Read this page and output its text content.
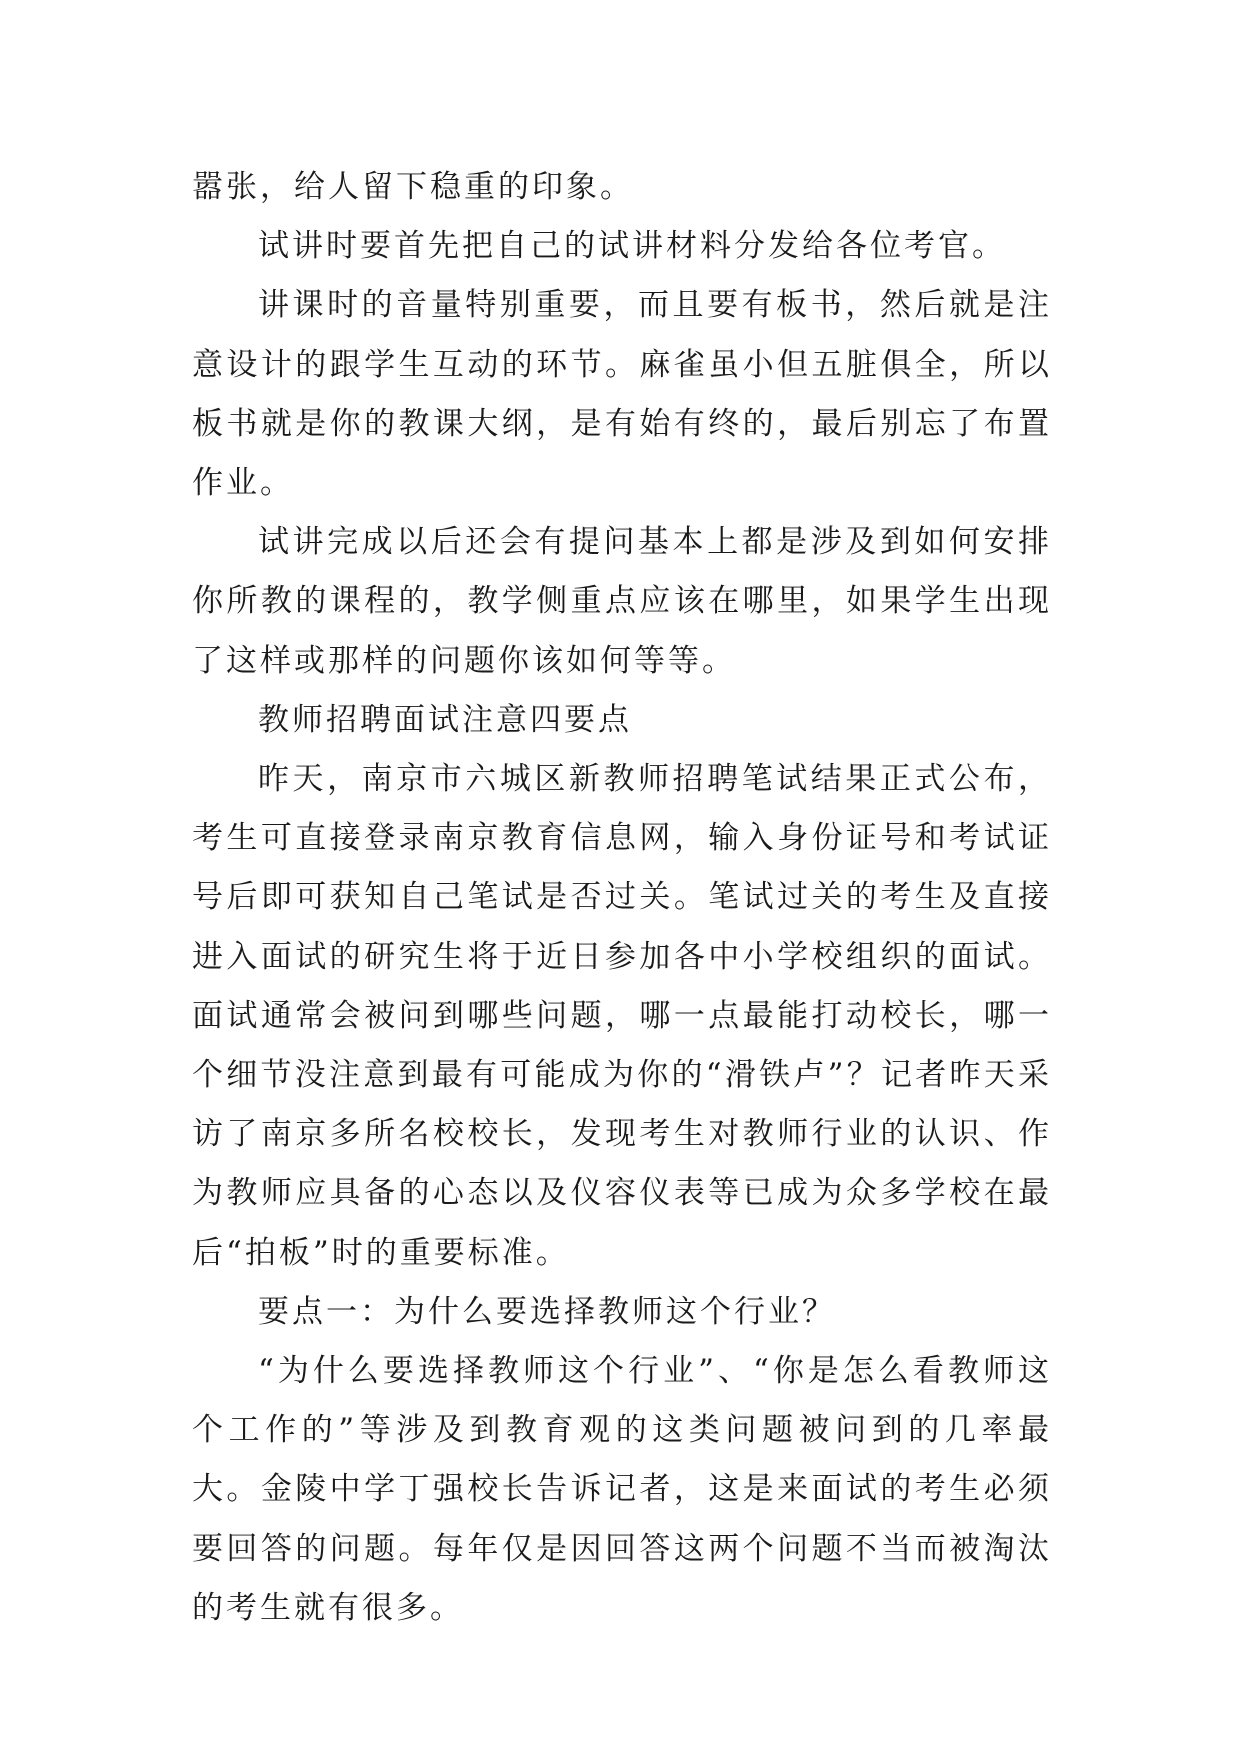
嚣张，给人留下稳重的印象。

试讲时要首先把自己的试讲材料分发给各位考官。

讲课时的音量特别重要，而且要有板书，然后就是注意设计的跟学生互动的环节。麻雀虽小但五脏俱全，所以板书就是你的教课大纲，是有始有终的，最后别忘了布置作业。

试讲完成以后还会有提问基本上都是涉及到如何安排你所教的课程的，教学侧重点应该在哪里，如果学生出现了这样或那样的问题你该如何等等。

教师招聘面试注意四要点

昨天，南京市六城区新教师招聘笔试结果正式公布，考生可直接登录南京教育信息网，输入身份证号和考试证号后即可获知自己笔试是否过关。笔试过关的考生及直接进入面试的研究生将于近日参加各中小学校组织的面试。面试通常会被问到哪些问题，哪一点最能打动校长，哪一个细节没注意到最有可能成为你的“滑铁卢”？记者昨天采访了南京多所名校校长，发现考生对教师行业的认识、作为教师应具备的心态以及仪容仪表等已成为众多学校在最后“拍板”时的重要标准。

要点一：为什么要选择教师这个行业？

“为什么要选择教师这个行业”、“你是怎么看教师这个工作的”等涉及到教育观的这类问题被问到的几率最大。金陵中学丁强校长告诉记者，这是来面试的考生必须要回答的问题。每年仅是因回答这两个问题不当而被淘汰的考生就有很多。
